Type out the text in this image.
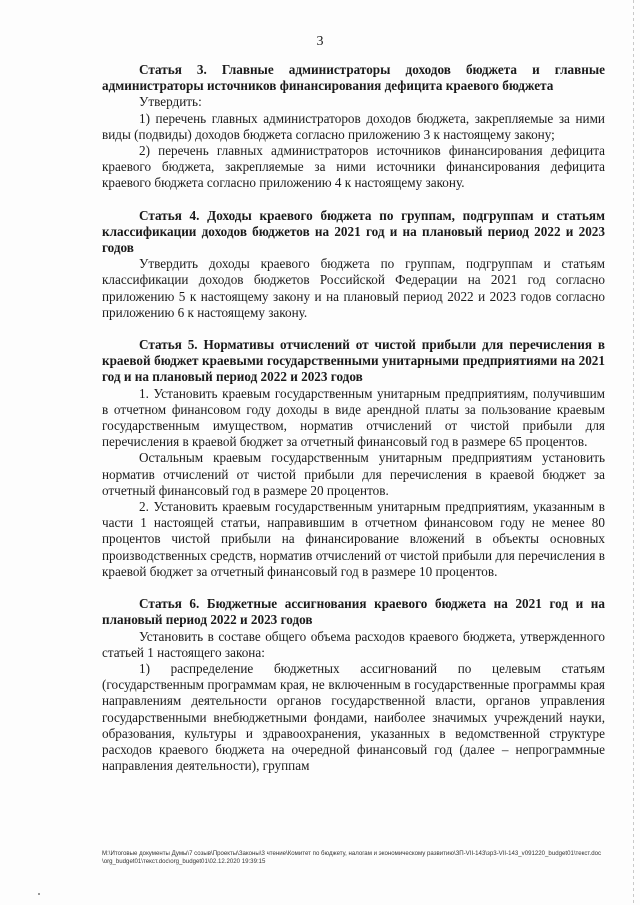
3

Статья 3. Главные администраторы доходов бюджета и главные администраторы источников финансирования дефицита краевого бюджета

Утвердить:

1) перечень главных администраторов доходов бюджета, закрепляемые за ними виды (подвиды) доходов бюджета согласно приложению 3 к настоящему закону;

2) перечень главных администраторов источников финансирования дефицита краевого бюджета, закрепляемые за ними источники финансирования дефицита краевого бюджета согласно приложению 4 к настоящему закону.

Статья 4. Доходы краевого бюджета по группам, подгруппам и статьям классификации доходов бюджетов на 2021 год и на плановый период 2022 и 2023 годов

Утвердить доходы краевого бюджета по группам, подгруппам и статьям классификации доходов бюджетов Российской Федерации на 2021 год согласно приложению 5 к настоящему закону и на плановый период 2022 и 2023 годов согласно приложению 6 к настоящему закону.

Статья 5. Нормативы отчислений от чистой прибыли для перечисления в краевой бюджет краевыми государственными унитарными предприятиями на 2021 год и на плановый период 2022 и 2023 годов

1. Установить краевым государственным унитарным предприятиям, получившим в отчетном финансовом году доходы в виде арендной платы за пользование краевым государственным имуществом, норматив отчислений от чистой прибыли для перечисления в краевой бюджет за отчетный финансовый год в размере 65 процентов.

Остальным краевым государственным унитарным предприятиям установить норматив отчислений от чистой прибыли для перечисления в краевой бюджет за отчетный финансовый год в размере 20 процентов.

2. Установить краевым государственным унитарным предприятиям, указанным в части 1 настоящей статьи, направившим в отчетном финансовом году не менее 80 процентов чистой прибыли на финансирование вложений в объекты основных производственных средств, норматив отчислений от чистой прибыли для перечисления в краевой бюджет за отчетный финансовый год в размере 10 процентов.

Статья 6. Бюджетные ассигнования краевого бюджета на 2021 год и на плановый период 2022 и 2023 годов

Установить в составе общего объема расходов краевого бюджета, утвержденного статьей 1 настоящего закона:

1) распределение бюджетных ассигнований по целевым статьям (государственным программам края, не включенным в государственные программы края направлениям деятельности органов государственной власти, органов управления государственными внебюджетными фондами, наиболее значимых учреждений науки, образования, культуры и здравоохранения, указанных в ведомственной структуре расходов краевого бюджета на очередной финансовый год (далее – непрограммные направления деятельности), группам

M:\Итоговые документы Думы\7 созыв\Проекты\Законы\3 чтение\Комитет по бюджету, налогам и экономическому развитию\ЗП-VII-143\зр3-VII-143_v091220_budget01\текст.doc\org_budget01\текст.doc\org_budget01\02.12.2020 19:39:15
